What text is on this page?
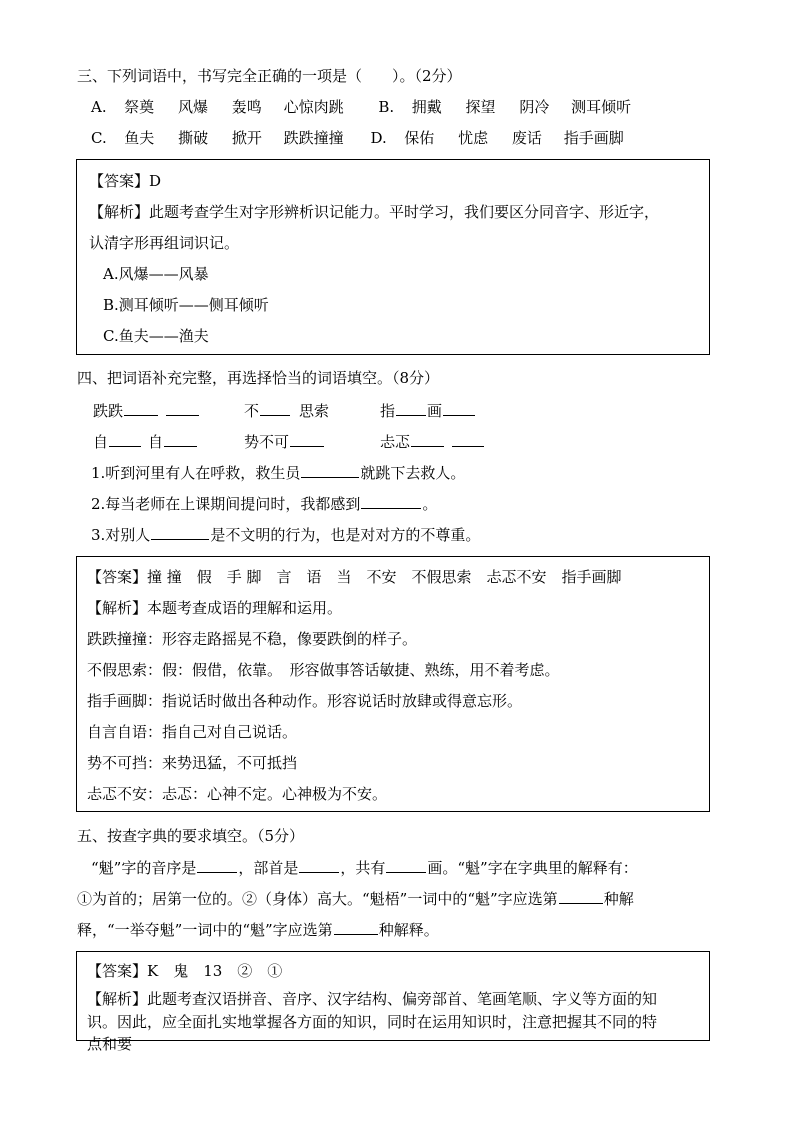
三、下列词语中，书写完全正确的一项是（　　）。（2分）
A. 祭奠 风爆 轰鸣 心惊肉跳 B. 拥戴 探望 阴冷 测耳倾听
C. 鱼夫 撕破 掀开 跌跌撞撞 D. 保佑 忧虑 废话 指手画脚
【答案】D
【解析】此题考查学生对字形辨析识记能力。平时学习，我们要区分同音字、形近字，
认清字形再组词识记。
A.风爆——风暴
B.测耳倾听——侧耳倾听
C.鱼夫——渔夫
四、把词语补充完整，再选择恰当的词语填空。（8分）
跌跌	不	思索	指 画
自	自	势不可	忐忑
1.听到河里有人在呼救，救生员	就跳下去救人。
2.每当老师在上课期间提问时，我都感到	。
3.对别人	是不文明的行为，也是对对方的不尊重。
【答案】撞 撞　假　手 脚　言　语　当　不安　不假思索　忐忑不安　指手画脚
【解析】本题考查成语的理解和运用。
跌跌撞撞：形容走路摇晃不稳，像要跌倒的样子。
不假思索：假：假借，依靠。　形容做事答话敏捷、熟练，用不着考虑。
指手画脚：指说话时做出各种动作。形容说话时放肆或得意忘形。
自言自语：指自己对自己说话。
势不可挡：来势迅猛，不可抵挡
忐忑不安：忐忑：心神不定。心神极为不安。
五、按查字典的要求填空。（5分）
“魁”字的音序是	，部首是	，共有	画。“魁”字在字典里的解释有：
①为首的；居第一位的。②（身体）高大。“魁梧”一词中的“魁”字应选第	种解
释，“一举夺魁”一词中的“魁”字应选第	种解释。
【答案】K　鬼　13　②　①
【解析】此题考查汉语拼音、音序、汉字结构、偏旁部首、笔画笔顺、字义等方面的知
识。因此，应全面扎实地掌握各方面的知识，同时在运用知识时，注意把握其不同的特
点和要
